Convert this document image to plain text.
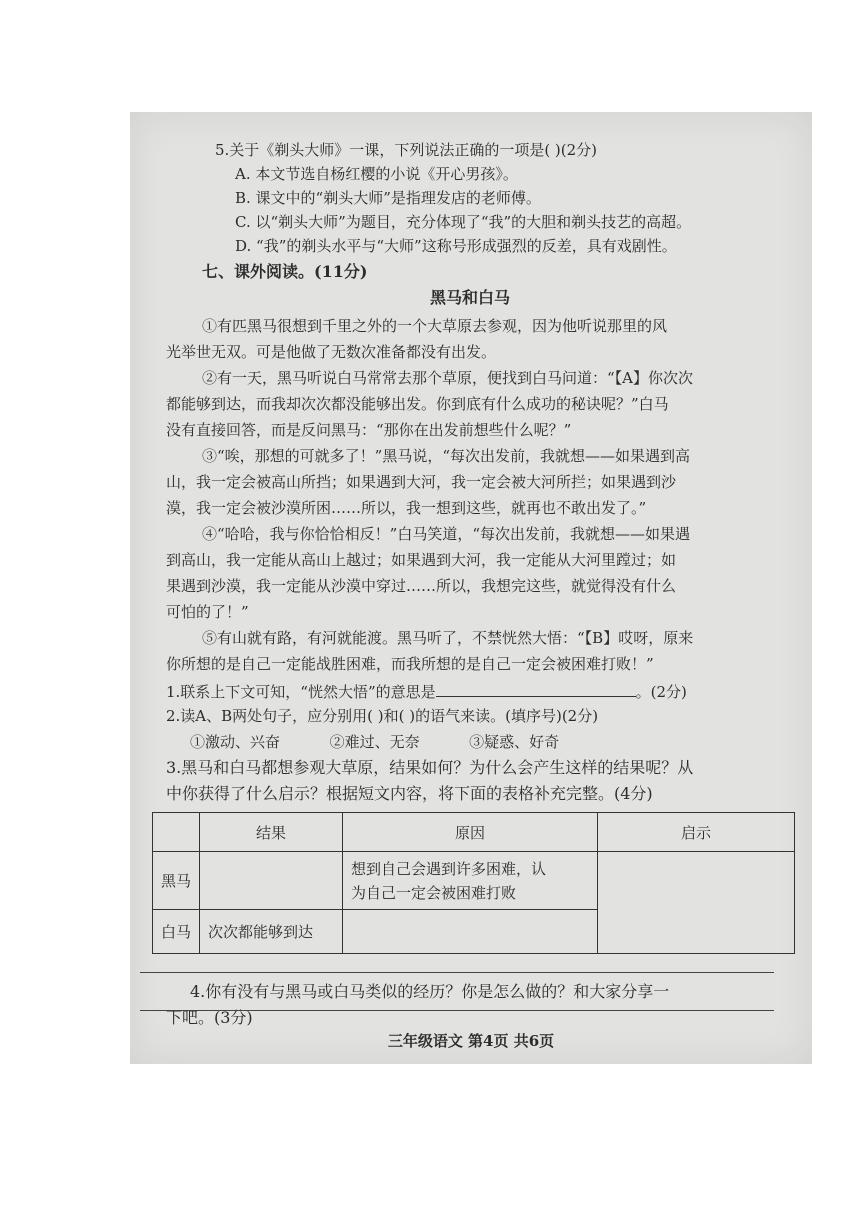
5.关于《剃头大师》一课，下列说法正确的一项是( )(2分)
A. 本文节选自杨红樱的小说《开心男孩》。
B. 课文中的“剃头大师”是指理发店的老师傅。
C. 以“剃头大师”为题目，充分体现了“我”的大胆和剃头技艺的高超。
D. “我”的剃头水平与“大师”这称号形成强烈的反差，具有戏剧性。
七、课外阅读。(11分)
黑马和白马
①有匹黑马很想到千里之外的一个大草原去参观，因为他听说那里的风
光举世无双。可是他做了无数次准备都没有出发。
②有一天，黑马听说白马常常去那个草原，便找到白马问道：“【A】你次次
都能够到达，而我却次次都没能够出发。你到底有什么成功的秘诀呢？”白马
没有直接回答，而是反问黑马：“那你在出发前想些什么呢？”
③“唉，那想的可就多了！”黑马说，“每次出发前，我就想——如果遇到高
山，我一定会被高山所挡；如果遇到大河，我一定会被大河所拦；如果遇到沙
漠，我一定会被沙漠所困……所以，我一想到这些，就再也不敢出发了。”
④“哈哈，我与你恰恰相反！”白马笑道，“每次出发前，我就想——如果遇
到高山，我一定能从高山上越过；如果遇到大河，我一定能从大河里蹚过；如
果遇到沙漠，我一定能从沙漠中穿过……所以，我想完这些，就觉得没有什么
可怕的了！”
⑤有山就有路，有河就能渡。黑马听了，不禁恍然大悟：“【B】哎呀，原来
你所想的是自己一定能战胜困难，而我所想的是自己一定会被困难打败！”
1.联系上下文可知，“恍然大悟”的意思是	。(2分)
2.读A、B两处句子，应分别用( )和( )的语气来读。(填序号)(2分)
①激动、兴奋	②难过、无奈	③疑惑、好奇
3.黑马和白马都想参观大草原，结果如何？为什么会产生这样的结果呢？从
中你获得了什么启示？根据短文内容，将下面的表格补充完整。(4分)
	结果	原因	启示
黑马		想到自己会遇到许多困难，认
为自己一定会被困难打败	

白马	次次都能够到达		
4.你有没有与黑马或白马类似的经历？你是怎么做的？和大家分享一
下吧。(3分)
三年级语文 第4页 共6页
